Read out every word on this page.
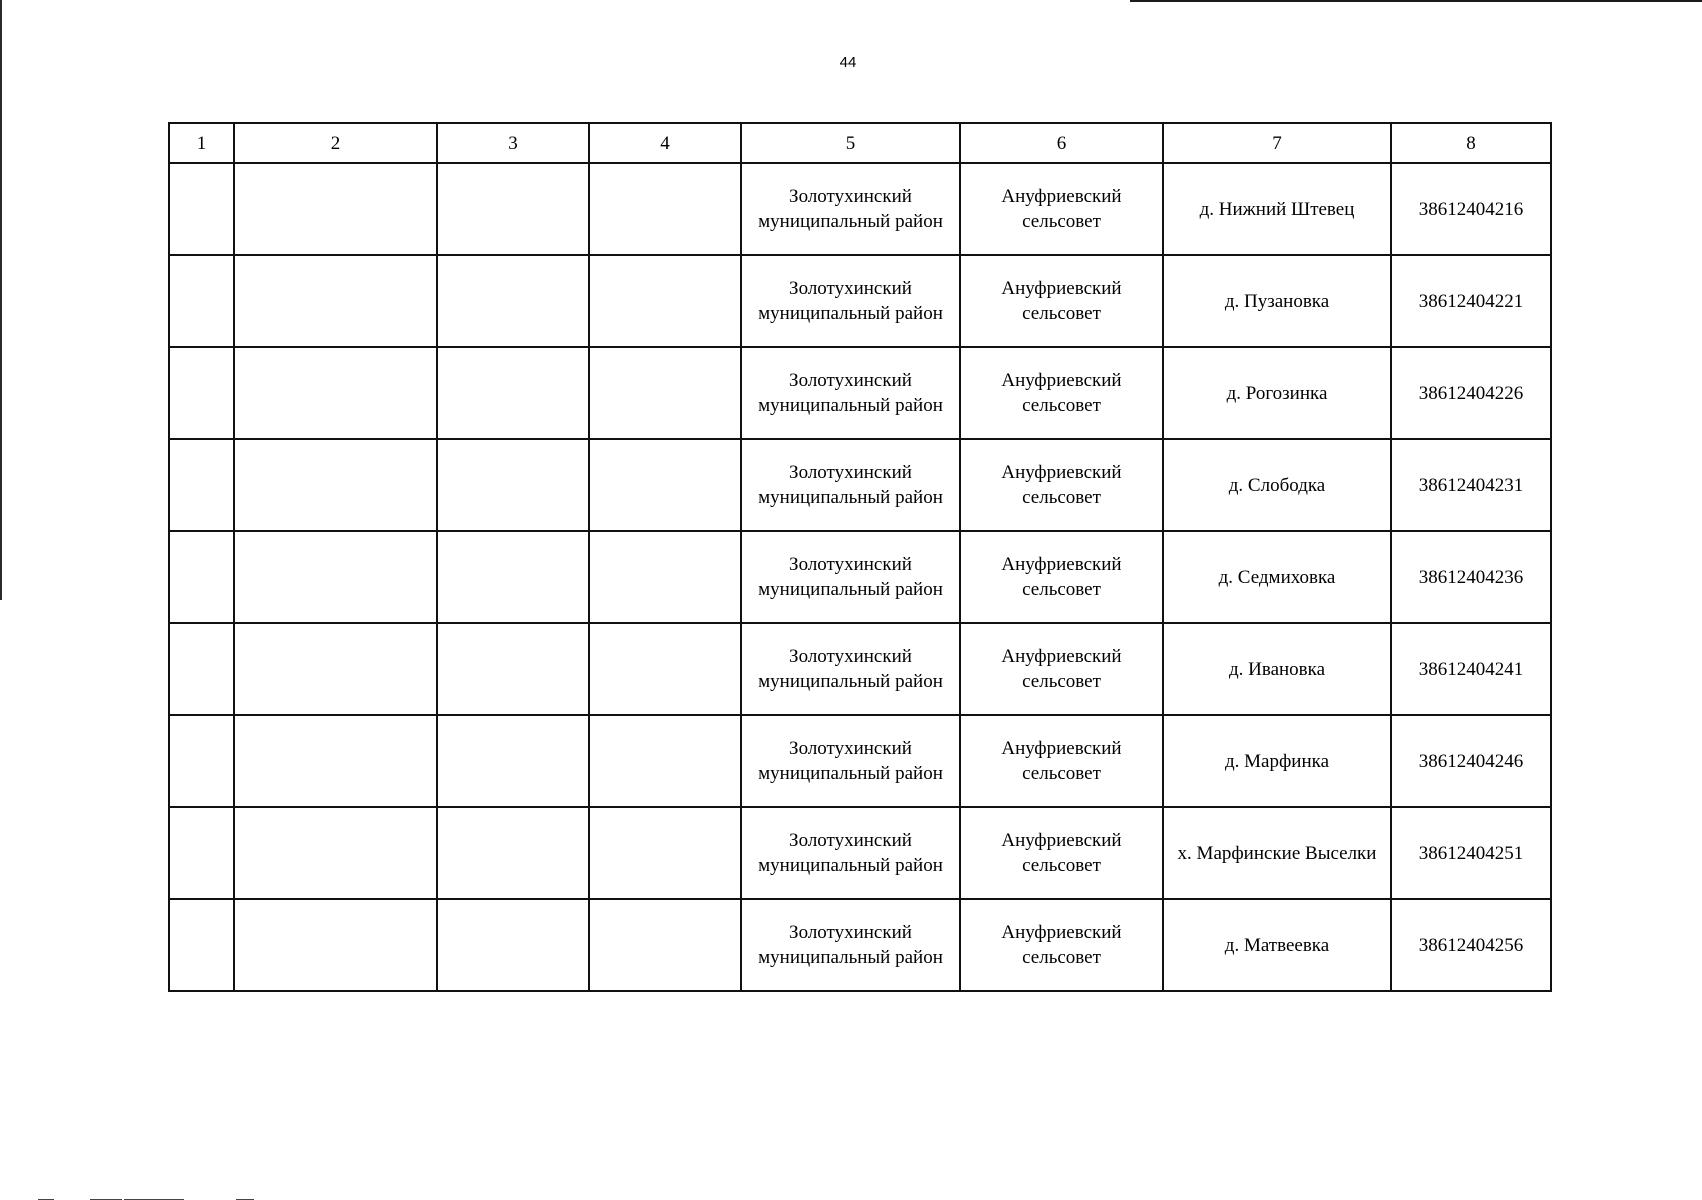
44
1	2	3	4	5	6	7	8

				Золотухинский
муниципальный район	Ануфриевский
сельсовет	д. Нижний Штевец	38612404216

				Золотухинский
муниципальный район	Ануфриевский
сельсовет	д. Пузановка	38612404221

				Золотухинский
муниципальный район	Ануфриевский
сельсовет	д. Рогозинка	38612404226

				Золотухинский
муниципальный район	Ануфриевский
сельсовет	д. Слободка	38612404231

				Золотухинский
муниципальный район	Ануфриевский
сельсовет	д. Седмиховка	38612404236

				Золотухинский
муниципальный район	Ануфриевский
сельсовет	д. Ивановка	38612404241

				Золотухинский
муниципальный район	Ануфриевский
сельсовет	д. Марфинка	38612404246

				Золотухинский
муниципальный район	Ануфриевский
сельсовет	х. Марфинские Выселки	38612404251

				Золотухинский
муниципальный район	Ануфриевский
сельсовет	д. Матвеевка	38612404256
